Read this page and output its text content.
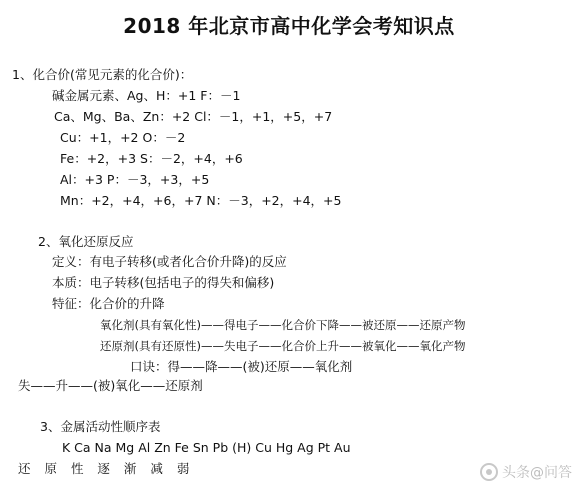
2018 年北京市高中化学会考知识点
1、化合价(常见元素的化合价)：
碱金属元素、Ag、H：+1 F：－1
Ca、Mg、Ba、Zn：+2 Cl：－1，+1，+5，+7
Cu：+1，+2 O：－2
Fe：+2，+3 S：－2，+4，+6
Al：+3 P：－3，+3，+5
Mn：+2，+4，+6，+7 N：－3，+2，+4，+5
2、氧化还原反应
定义：有电子转移(或者化合价升降)的反应
本质：电子转移(包括电子的得失和偏移)
特征：化合价的升降
氧化剂(具有氧化性)——得电子——化合价下降——被还原——还原产物
还原剂(具有还原性)——失电子——化合价上升——被氧化——氧化产物
口诀：得——降——(被)还原——氧化剂
失——升——(被)氧化——还原剂
3、金属活动性顺序表
K Ca Na Mg Al Zn Fe Sn Pb (H) Cu Hg Ag Pt Au
还 原 性 逐 渐 减 弱	头条@问答
